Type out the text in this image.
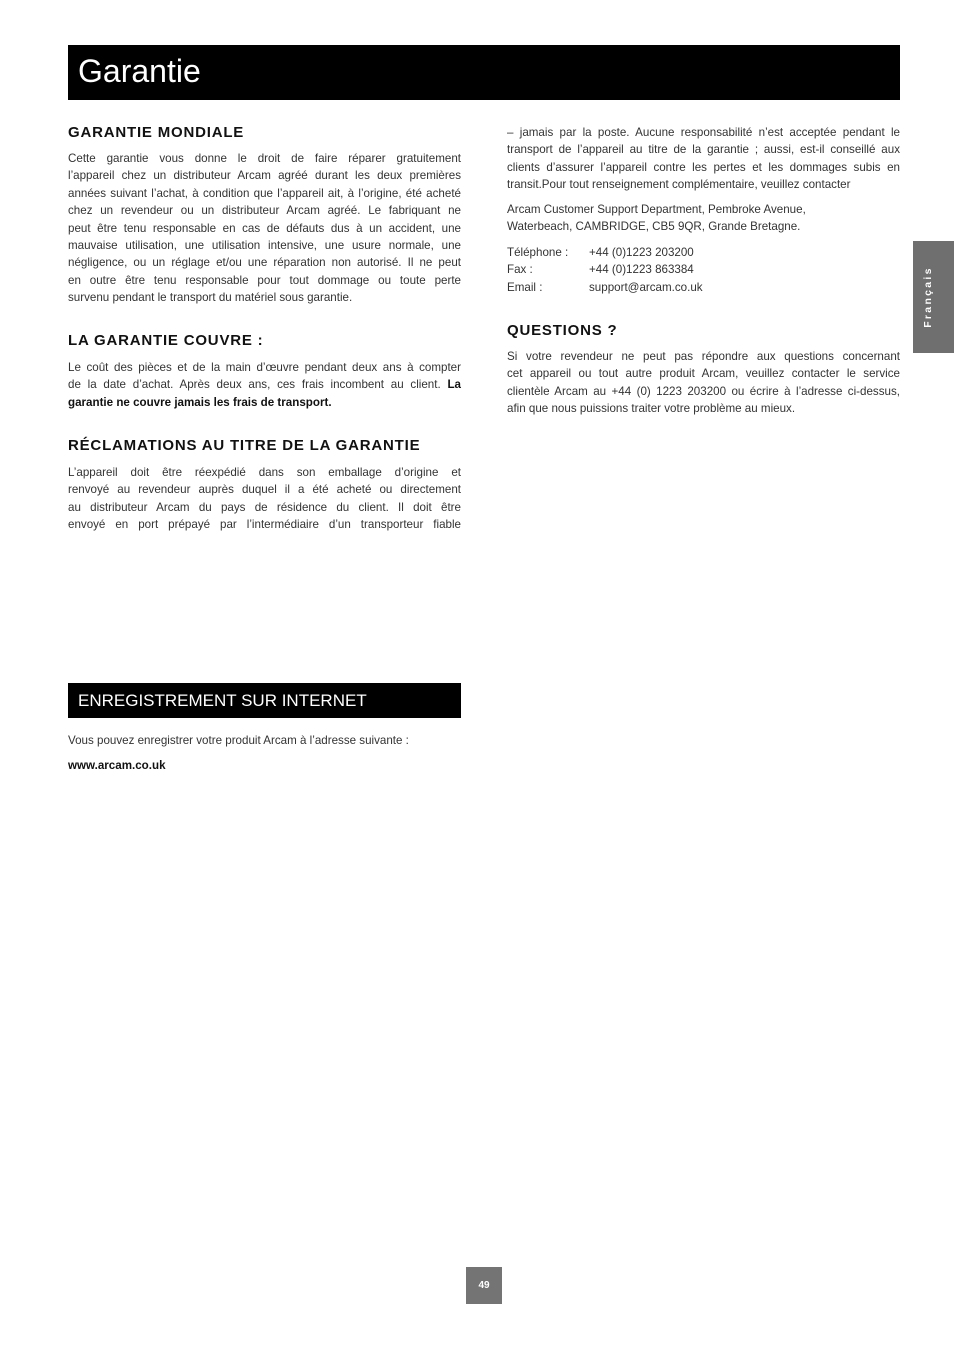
Garantie
GARANTIE MONDIALE
Cette garantie vous donne le droit de faire réparer gratuitement
l’appareil chez un distributeur Arcam agréé durant les deux premières
années suivant l’achat, à condition que l’appareil ait, à l’origine, été acheté
chez un revendeur ou un distributeur Arcam agréé. Le fabriquant ne
peut être tenu responsable en cas de défauts dus à un accident, une
mauvaise utilisation, une utilisation intensive, une usure normale, une
négligence, ou un réglage et/ou une réparation non autorisé. Il ne peut
en outre être tenu responsable pour tout dommage ou toute perte
survenu pendant le transport du matériel sous garantie.
LA GARANTIE COUVRE :
Le coût des pièces et de la main d’œuvre pendant deux ans à compter
de la date d’achat. Après deux ans, ces frais incombent au client. La
garantie ne couvre jamais les frais de transport.
RÉCLAMATIONS AU TITRE DE LA GARANTIE
L’appareil doit être réexpédié dans son emballage d’origine et
renvoyé au revendeur auprès duquel il a été acheté ou directement
au distributeur Arcam du pays de résidence du client. Il doit être
envoyé en port prépayé par l’intermédiaire d’un transporteur fiable
ENREGISTREMENT SUR INTERNET
Vous pouvez enregistrer votre produit Arcam à l’adresse suivante :
www.arcam.co.uk
– jamais par la poste. Aucune responsabilité n’est acceptée pendant le
transport de l’appareil au titre de la garantie ; aussi, est-il conseillé aux
clients d’assurer l’appareil contre les pertes et les dommages subis en
transit.Pour tout renseignement complémentaire, veuillez contacter
Arcam Customer Support Department, Pembroke Avenue,
Waterbeach, CAMBRIDGE, CB5 9QR, Grande Bretagne.
Téléphone : +44 (0)1223 203200
Fax :	+44 (0)1223 863384
Email :	support@arcam.co.uk
QUESTIONS ?
Si votre revendeur ne peut pas répondre aux questions concernant
cet appareil ou tout autre produit Arcam, veuillez contacter le service
clientèle Arcam au +44 (0) 1223 203200 ou écrire à l’adresse ci-dessus,
afin que nous puissions traiter votre problème au mieux.
Français
49
